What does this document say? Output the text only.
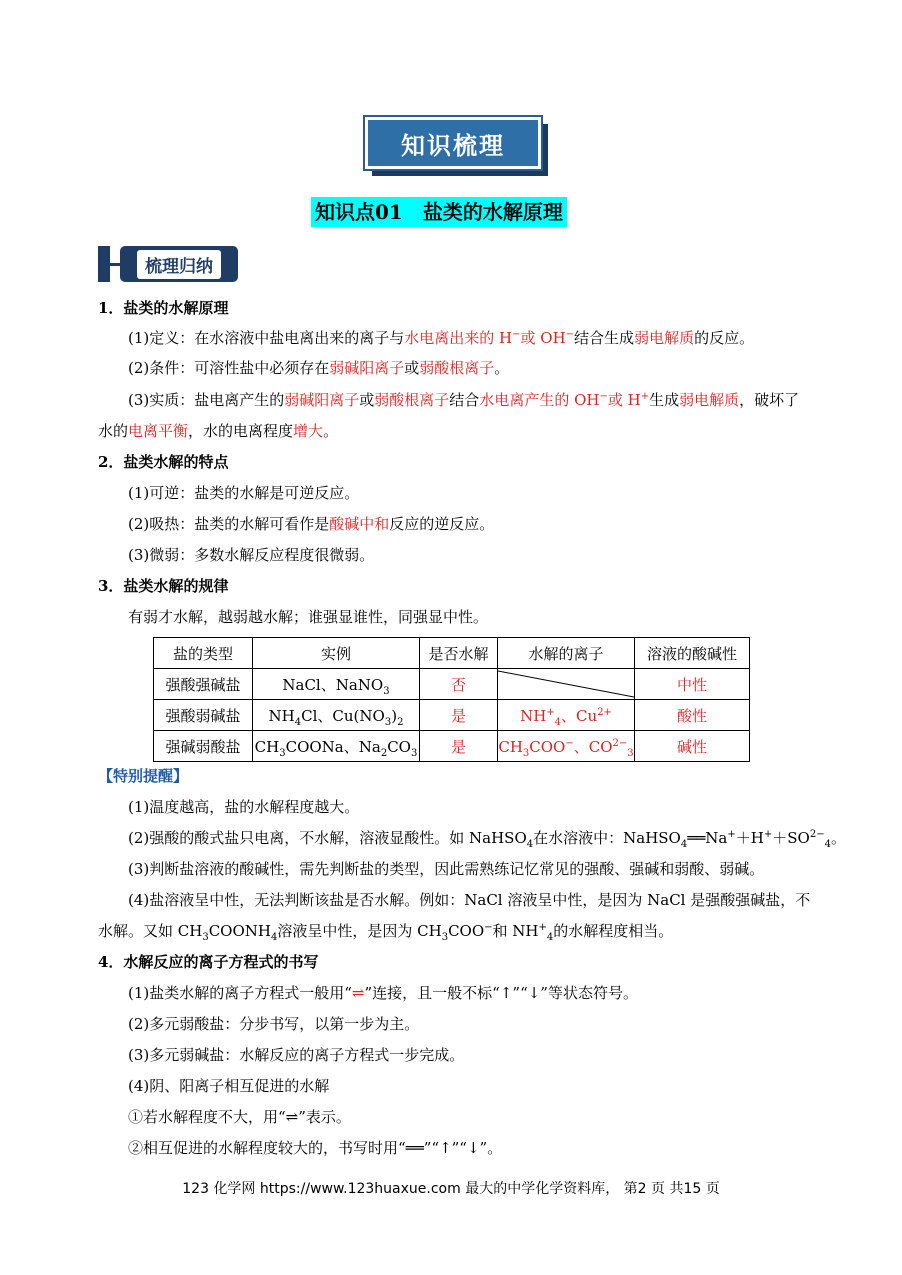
知识梳理
知识点01　盐类的水解原理
梳理归纳
1．盐类的水解原理
(1)定义：在水溶液中盐电离出来的离子与水电离出来的 H−或 OH−结合生成弱电解质的反应。
(2)条件：可溶性盐中必须存在弱碱阳离子或弱酸根离子。
(3)实质：盐电离产生的弱碱阳离子或弱酸根离子结合水电离产生的 OH−或 H+生成弱电解质，破坏了
水的电离平衡，水的电离程度增大。
2．盐类水解的特点
(1)可逆：盐类的水解是可逆反应。
(2)吸热：盐类的水解可看作是酸碱中和反应的逆反应。
(3)微弱：多数水解反应程度很微弱。
3．盐类水解的规律
有弱才水解，越弱越水解；谁强显谁性，同强显中性。
盐的类型	实例	是否水解	水解的离子	溶液的酸碱性
强酸强碱盐	NaCl、NaNO$_3$	否		中性
强酸弱碱盐	$NH_4Cl$、$Cu(NO_3)_2$	是	$NH^+_4$、$Cu^{2+}$	酸性
强碱弱酸盐	$CH_3COONa$、$Na_2CO_3$	是	$CH_3COO^-$、$CO^{2-}_3$	碱性
【特别提醒】
(1)温度越高，盐的水解程度越大。
(2)强酸的酸式盐只电离，不水解，溶液显酸性。如 NaHSO$_4$在水溶液中：$NaHSO_4══Na^++H^++SO^{2-}_4$。
(3)判断盐溶液的酸碱性，需先判断盐的类型，因此需熟练记忆常见的强酸、强碱和弱酸、弱碱。
(4)盐溶液呈中性，无法判断该盐是否水解。例如：NaCl 溶液呈中性，是因为 NaCl 是强酸强碱盐，不
水解。又如 $CH_3COONH_4$溶液呈中性，是因为 $CH_3COO^-$和 $NH^+_4$的水解程度相当。
4．水解反应的离子方程式的书写
(1)盐类水解的离子方程式一般用“⇌”连接，且一般不标“↑”“↓”等状态符号。
(2)多元弱酸盐：分步书写，以第一步为主。
(3)多元弱碱盐：水解反应的离子方程式一步完成。
(4)阴、阳离子相互促进的水解
①若水解程度不大，用“⇌”表示。
②相互促进的水解程度较大的，书写时用“══”“↑”“↓”。
123 化学网 https://www.123huaxue.com 最大的中学化学资料库， 第2 页 共15 页
